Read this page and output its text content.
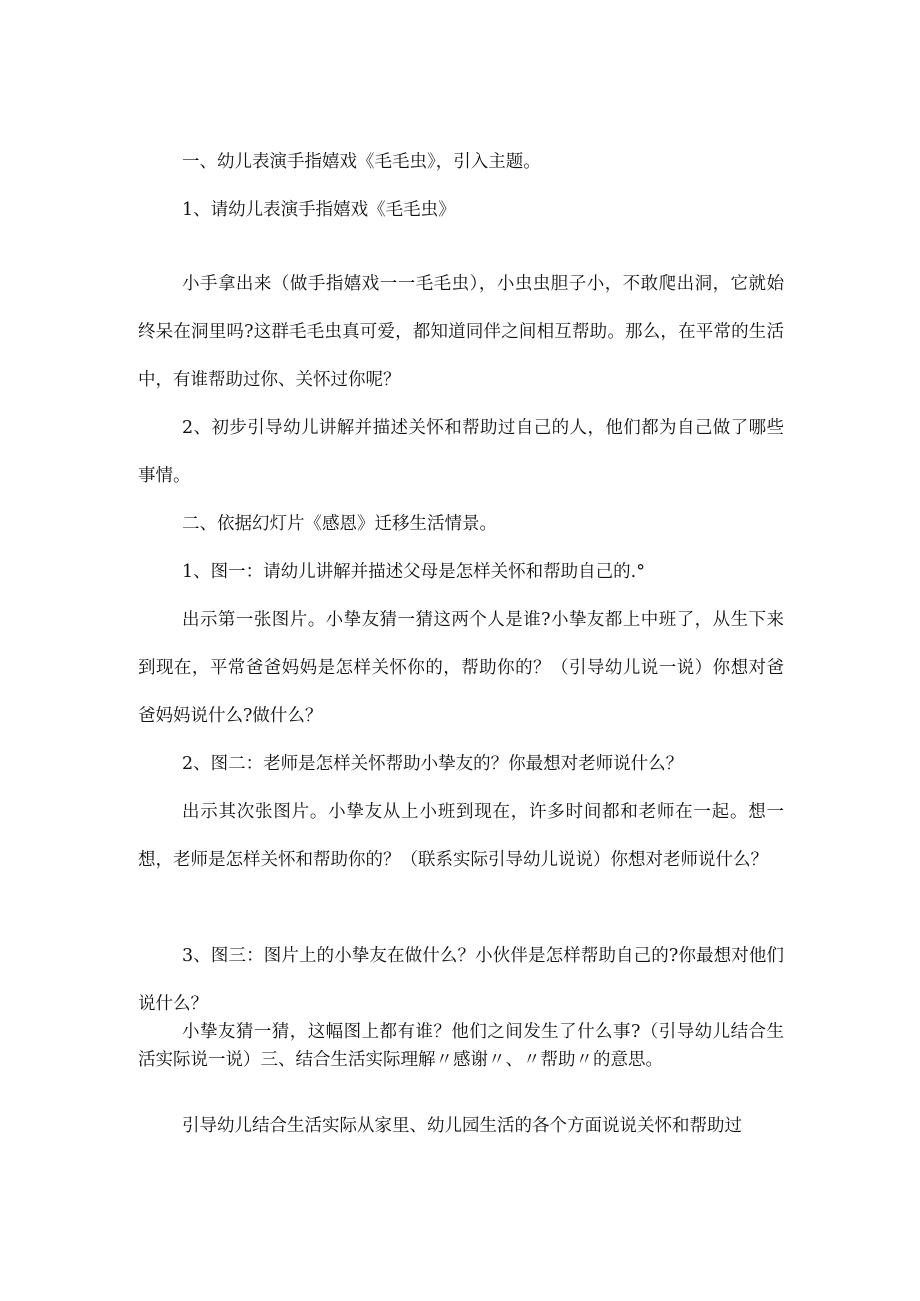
一、幼儿表演手指嬉戏《毛毛虫》，引入主题。

1、请幼儿表演手指嬉戏《毛毛虫》

小手拿出来（做手指嬉戏一一毛毛虫），小虫虫胆子小，不敢爬出洞，它就始终呆在洞里吗?这群毛毛虫真可爱，都知道同伴之间相互帮助。那么，在平常的生活中，有谁帮助过你、关怀过你呢？

2、初步引导幼儿讲解并描述关怀和帮助过自己的人，他们都为自己做了哪些事情。

二、依据幻灯片《感恩》迁移生活情景。

1、图一：请幼儿讲解并描述父母是怎样关怀和帮助自己的.°

出示第一张图片。小挚友猜一猜这两个人是谁?小挚友都上中班了，从生下来到现在，平常爸爸妈妈是怎样关怀你的，帮助你的？（引导幼儿说一说）你想对爸爸妈妈说什么?做什么？

2、图二：老师是怎样关怀帮助小挚友的？你最想对老师说什么？

出示其次张图片。小挚友从上小班到现在，许多时间都和老师在一起。想一想，老师是怎样关怀和帮助你的？（联系实际引导幼儿说说）你想对老师说什么？

3、图三：图片上的小挚友在做什么？小伙伴是怎样帮助自己的?你最想对他们说什么？

小挚友猜一猜，这幅图上都有谁？他们之间发生了什么事?（引导幼儿结合生活实际说一说）三、结合生活实际理解〃感谢〃、〃帮助〃的意思。

引导幼儿结合生活实际从家里、幼儿园生活的各个方面说说关怀和帮助过
